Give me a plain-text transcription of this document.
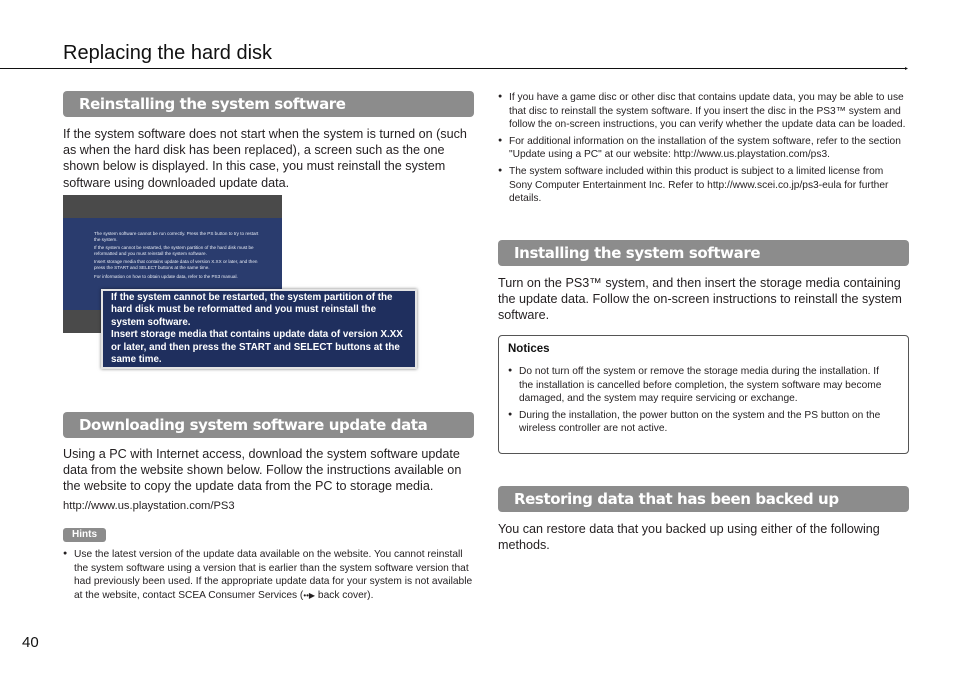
Replacing the hard disk
▸
Reinstalling the system software

If the system software does not start when the system is turned on (such as when the hard disk has been replaced), a screen such as the one shown below is displayed. In this case, you must reinstall the system software using downloaded update data.

The system software cannot be run correctly. Press the PS button to try to restart the system.

If the system cannot be restarted, the system partition of the hard disk must be reformatted and you must reinstall the system software.

Insert storage media that contains update data of version X.XX or later, and then press the START and SELECT buttons at the same time.

For information on how to obtain update data, refer to the PS3 manual.

If the system cannot be restarted, the system partition of the hard disk must be reformatted and you must reinstall the system software.

Insert storage media that contains update data of version X.XX or later, and then press the START and SELECT buttons at the same time.

Downloading system software update data

Using a PC with Internet access, download the system software update data from the website shown below. Follow the instructions available on the website to copy the update data from the PC to storage media.

http://www.us.playstation.com/PS3
Hints
● Use the latest version of the update data available on the website. You cannot reinstall the system software using a version that is earlier than the system software version that had previously been used. If the appropriate update data for your system is not available at the website, contact SCEA Consumer Services (••▶ back cover).
40
● If you have a game disc or other disc that contains update data, you may be able to use that disc to reinstall the system software. If you insert the disc in the PS3™ system and follow the on-screen instructions, you can verify whether the update data can be loaded.
● For additional information on the installation of the system software, refer to the section "Update using a PC" at our website: http://www.us.playstation.com/ps3.
● The system software included within this product is subject to a limited license from Sony Computer Entertainment Inc. Refer to http://www.scei.co.jp/ps3-eula for further details.
Installing the system software

Turn on the PS3™ system, and then insert the storage media containing the update data. Follow the on-screen instructions to reinstall the system software.

Notices
● Do not turn off the system or remove the storage media during the installation. If the installation is cancelled before completion, the system software may become damaged, and the system may require servicing or exchange.
● During the installation, the power button on the system and the PS button on the wireless controller are not active.
Restoring data that has been backed up

You can restore data that you backed up using either of the following methods.
